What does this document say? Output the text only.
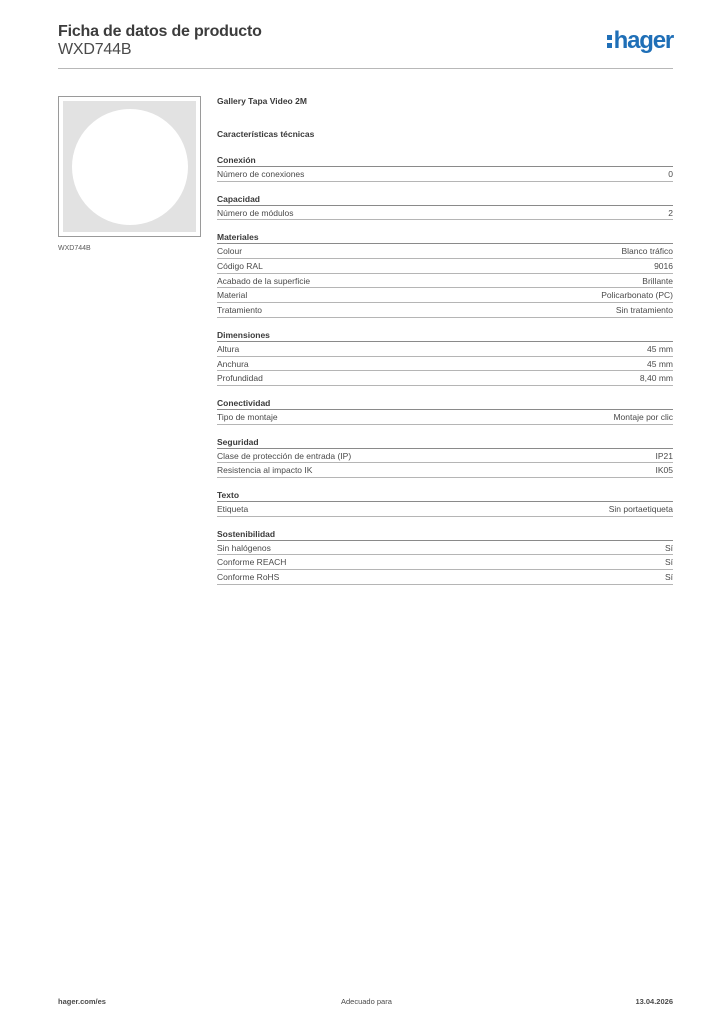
Ficha de datos de producto
WXD744B	hager
WXD744B
Gallery Tapa Video 2M
Características técnicas
Conexión
Número de conexiones	0
Capacidad
Número de módulos	2
Materiales
Colour	Blanco tráfico
Código RAL	9016
Acabado de la superficie	Brillante
Material	Policarbonato (PC)
Tratamiento	Sin tratamiento
Dimensiones
Altura	45 mm
Anchura	45 mm
Profundidad	8,40 mm
Conectividad
Tipo de montaje	Montaje por clic
Seguridad
Clase de protección de entrada (IP)	IP21
Resistencia al impacto IK	IK05
Texto
Etiqueta	Sin portaetiqueta
Sostenibilidad
Sin halógenos	Sí
Conforme REACH	Sí
Conforme RoHS	Sí
hager.com/es	Adecuado para	13.04.2026
